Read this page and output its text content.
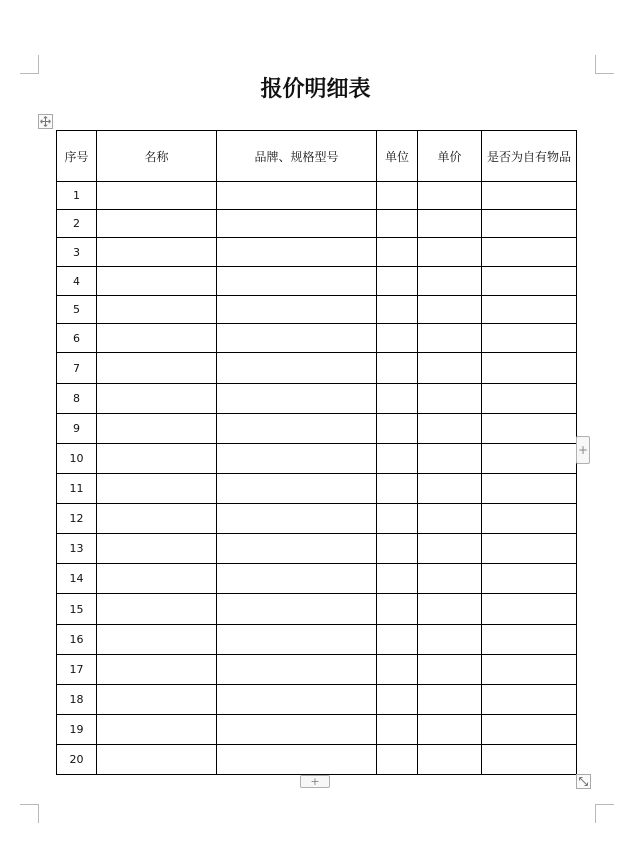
报价明细表
序号	名称	品牌、规格型号	单位	单价	是否为自有物品
1					
2					
3					
4					
5					
6					
7					
8					
9					
10					
11					
12					
13					
14					
15					
16					
17					
18					
19					
20					
+
+
